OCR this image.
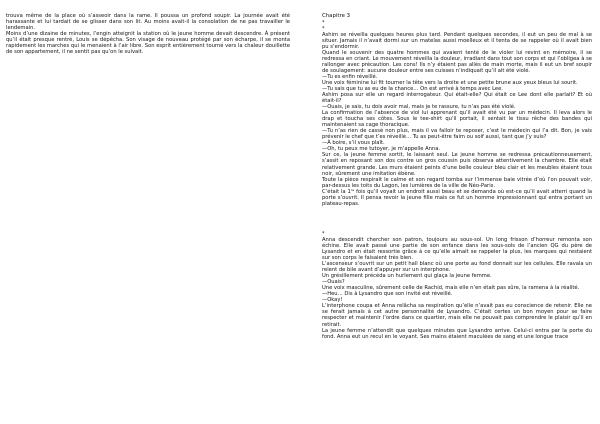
trouva même de la place où s’asseoir dans la rame. Il poussa un profond soupir. La journée avait été harassante et lui tardait de se glisser dans son lit. Au moins avait-il la consolation de ne pas travailler le lendemain.

Moins d’une dizaine de minutes, l’engin atteignit la station où le jeune homme devait descendre. À présent qu’il était presque rentré, Louis se dépêcha. Son visage de nouveau protégé par son écharpe, il se monta rapidement les marches qui le menaient à l’air libre. Son esprit entièrement tourné vers la chaleur douillette de son appartement, il ne sentit pas qu’on le suivait.

Chapitre 3

*

*

Ashim se réveilla quelques heures plus tard. Pendant quelques secondes, il eut un peu de mal à se situer. Jamais il n’avait dormi sur un matelas aussi moelleux et il tenta de se rappeler où il avait bien pu s’endormir.

Quand le souvenir des quatre hommes qui avaient tenté de le violer lui revint en mémoire, il se redressa en criant. Le mouvement réveilla la douleur, irradiant dans tout son corps et qui l’obligea à se rallonger avec précaution. Les cons! Ils n’y étaient pas allés de main morte, mais il eut un bref soupir de soulagement: aucune douleur entre ses cuisses n’indiquait qu’il ait été violé.

—Tu es enfin réveillé.

Une voix féminine lui fit tourner la tête vers la droite et une petite brune aux yeux bleus lui sourit.

—Tu sais que tu as eu de la chance… On est arrivé à temps avec Lee.

Ashim posa sur elle un regard interrogateur. Qui était-elle? Qui était ce Lee dont elle parlait? Et où était-il?

—Ouais, je sais, tu dois avoir mal, mais je te rassure, tu n’as pas été violé.

La confirmation de l’absence de viol lui apprenant qu’il avait été vu par un médecin. Il leva alors le drap et toucha ses côtes. Sous le tee-shirt qu’il portait, il sentait le tissu rêche des bandes qui maintenaient sa cage thoracique.

—Tu n’as rien de cassé non plus, mais il va falloir te reposer, c’est le médecin qui l’a dit. Bon, je vais prévenir le chef que t’es réveillé… Tu as peut-être faim ou soif aussi, tant que j’y suis?

—À boire, s’il vous plaît.

—Oh, tu peux me tutoyer, je m’appelle Anna.

Sur ce, la jeune femme sortit, le laissant seul. Le jeune homme se redressa précautionneusement, s’assit en reposant son dos contre un gros coussin puis observa attentivement la chambre. Elle était relativement grande. Les murs étaient peints d’une belle couleur bleu clair et les meubles étaient tous noir, sûrement une imitation ébène.

Toute la pièce respirait le calme et son regard tomba sur l’immense baie vitrée d’où l’on pouvait voir, par-dessus les toits du Lagon, les lumières de la ville de Néo-Paris.

C’était la 1ʳᵉ fois qu’il voyait un endroit aussi beau et se demanda où est-ce qu’il avait atterri quand la porte s’ouvrit. Il pensa revoir la jeune fille mais ce fut un homme impressionnant qui entra portant un plateau-repas.

*

Anna descendit chercher son patron, toujours au sous-sol. Un long frisson d’horreur remonta son échine. Elle avait passé une partie de son enfance dans les sous-sols de l’ancien QG du père de Lysandro et en était ressortie grâce à ce qu’elle aimait se rappeler la plus, les marques qui restaient sur son corps le faisaient très bien.

L’ascenseur s’ouvrit sur un petit hall blanc où une porte au fond donnait sur les cellules. Elle ravala un relent de bile avant d’appuyer sur un interphone.

Un grésillement précéda un hurlement qui glaça la jeune femme.

—Ouais?

Une voix masculine, sûrement celle de Rachid, mais elle n’en était pas sûre, la ramena à la réalité.

—Heu… Dis à Lysandro que son invité est réveillé.

—Okay!

L’interphone coupa et Anna relâcha sa respiration qu’elle n’avait pas eu conscience de retenir. Elle ne se ferait jamais à cet autre personnalité de Lysandro. C’était certes un bon moyen pour se faire respecter et maintenir l’ordre dans ce quartier, mais elle ne pouvait pas comprendre le plaisir qu’il en retirait.

La jeune femme n’attendit que quelques minutes que Lysandro arrive. Celui-ci entra par la porte du fond. Anna eut un recul en le voyant. Ses mains étaient maculées de sang et une longue trace
